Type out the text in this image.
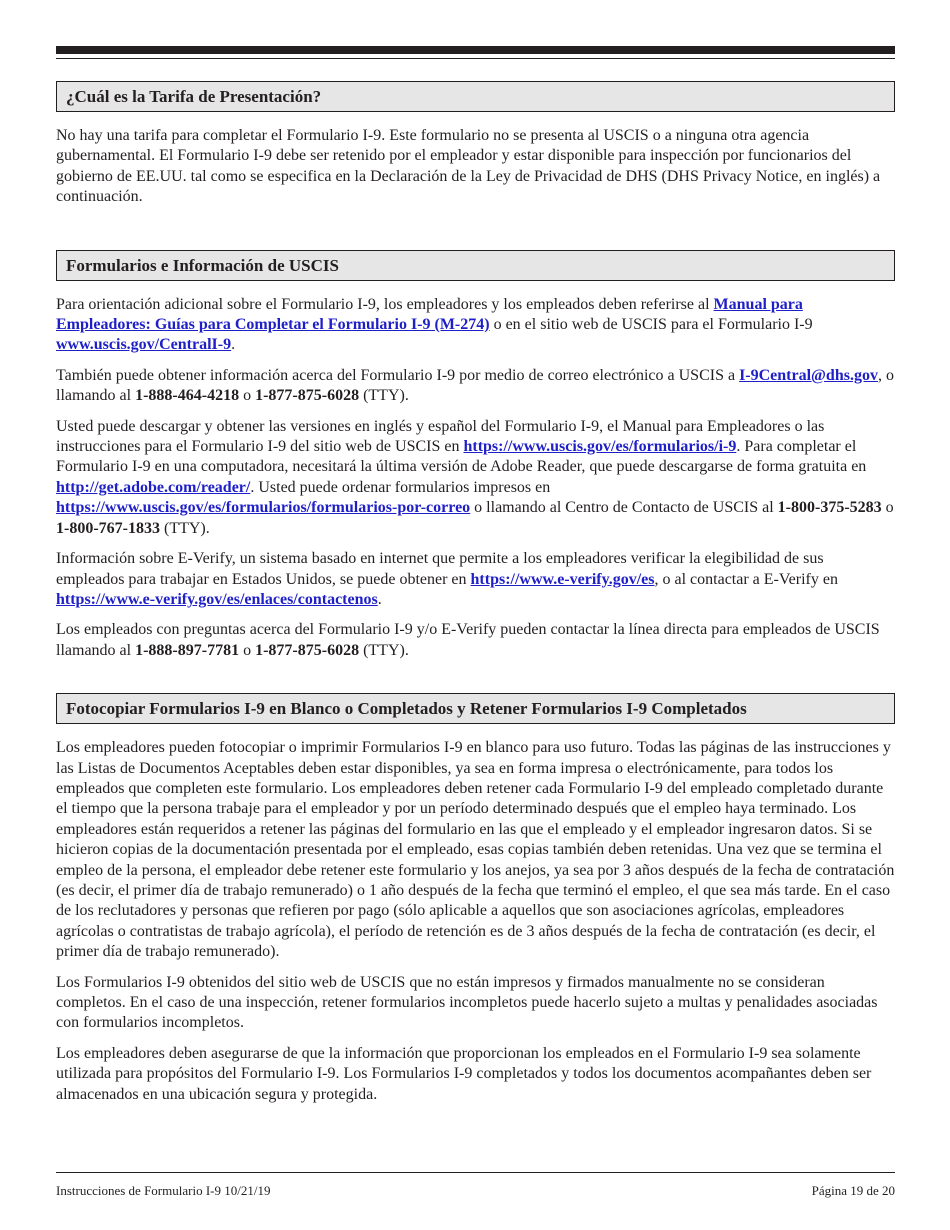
¿Cuál es la Tarifa de Presentación?

No hay una tarifa para completar el Formulario I-9. Este formulario no se presenta al USCIS o a ninguna otra agencia gubernamental. El Formulario I-9 debe ser retenido por el empleador y estar disponible para inspección por funcionarios del gobierno de EE.UU. tal como se especifica en la Declaración de la Ley de Privacidad de DHS (DHS Privacy Notice, en inglés) a continuación.

Formularios e Información de USCIS

Para orientación adicional sobre el Formulario I-9, los empleadores y los empleados deben referirse al Manual para Empleadores: Guías para Completar el Formulario I-9 (M-274) o en el sitio web de USCIS para el Formulario I-9 www.uscis.gov/CentralI-9.

También puede obtener información acerca del Formulario I-9 por medio de correo electrónico a USCIS a I-9Central@dhs.gov, o llamando al 1-888-464-4218 o 1-877-875-6028 (TTY).

Usted puede descargar y obtener las versiones en inglés y español del Formulario I-9, el Manual para Empleadores o las instrucciones para el Formulario I-9 del sitio web de USCIS en https://www.uscis.gov/es/formularios/i-9. Para completar el Formulario I-9 en una computadora, necesitará la última versión de Adobe Reader, que puede descargarse de forma gratuita en http://get.adobe.com/reader/. Usted puede ordenar formularios impresos en https://www.uscis.gov/es/formularios/formularios-por-correo o llamando al Centro de Contacto de USCIS al 1-800-375-5283 o 1-800-767-1833 (TTY).

Información sobre E-Verify, un sistema basado en internet que permite a los empleadores verificar la elegibilidad de sus empleados para trabajar en Estados Unidos, se puede obtener en https://www.e-verify.gov/es, o al contactar a E-Verify en https://www.e-verify.gov/es/enlaces/contactenos.

Los empleados con preguntas acerca del Formulario I-9 y/o E-Verify pueden contactar la línea directa para empleados de USCIS llamando al 1-888-897-7781 o 1-877-875-6028 (TTY).

Fotocopiar Formularios I-9 en Blanco o Completados y Retener Formularios I-9 Completados

Los empleadores pueden fotocopiar o imprimir Formularios I-9 en blanco para uso futuro. Todas las páginas de las instrucciones y las Listas de Documentos Aceptables deben estar disponibles, ya sea en forma impresa o electrónicamente, para todos los empleados que completen este formulario. Los empleadores deben retener cada Formulario I-9 del empleado completado durante el tiempo que la persona trabaje para el empleador y por un período determinado después que el empleo haya terminado. Los empleadores están requeridos a retener las páginas del formulario en las que el empleado y el empleador ingresaron datos. Si se hicieron copias de la documentación presentada por el empleado, esas copias también deben retenidas. Una vez que se termina el empleo de la persona, el empleador debe retener este formulario y los anejos, ya sea por 3 años después de la fecha de contratación (es decir, el primer día de trabajo remunerado) o 1 año después de la fecha que terminó el empleo, el que sea más tarde. En el caso de los reclutadores y personas que refieren por pago (sólo aplicable a aquellos que son asociaciones agrícolas, empleadores agrícolas o contratistas de trabajo agrícola), el período de retención es de 3 años después de la fecha de contratación (es decir, el primer día de trabajo remunerado).

Los Formularios I-9 obtenidos del sitio web de USCIS que no están impresos y firmados manualmente no se consideran completos. En el caso de una inspección, retener formularios incompletos puede hacerlo sujeto a multas y penalidades asociadas con formularios incompletos.

Los empleadores deben asegurarse de que la información que proporcionan los empleados en el Formulario I-9 sea solamente utilizada para propósitos del Formulario I-9. Los Formularios I-9 completados y todos los documentos acompañantes deben ser almacenados en una ubicación segura y protegida.

Instrucciones de Formulario I-9 10/21/19	Página 19 de 20
